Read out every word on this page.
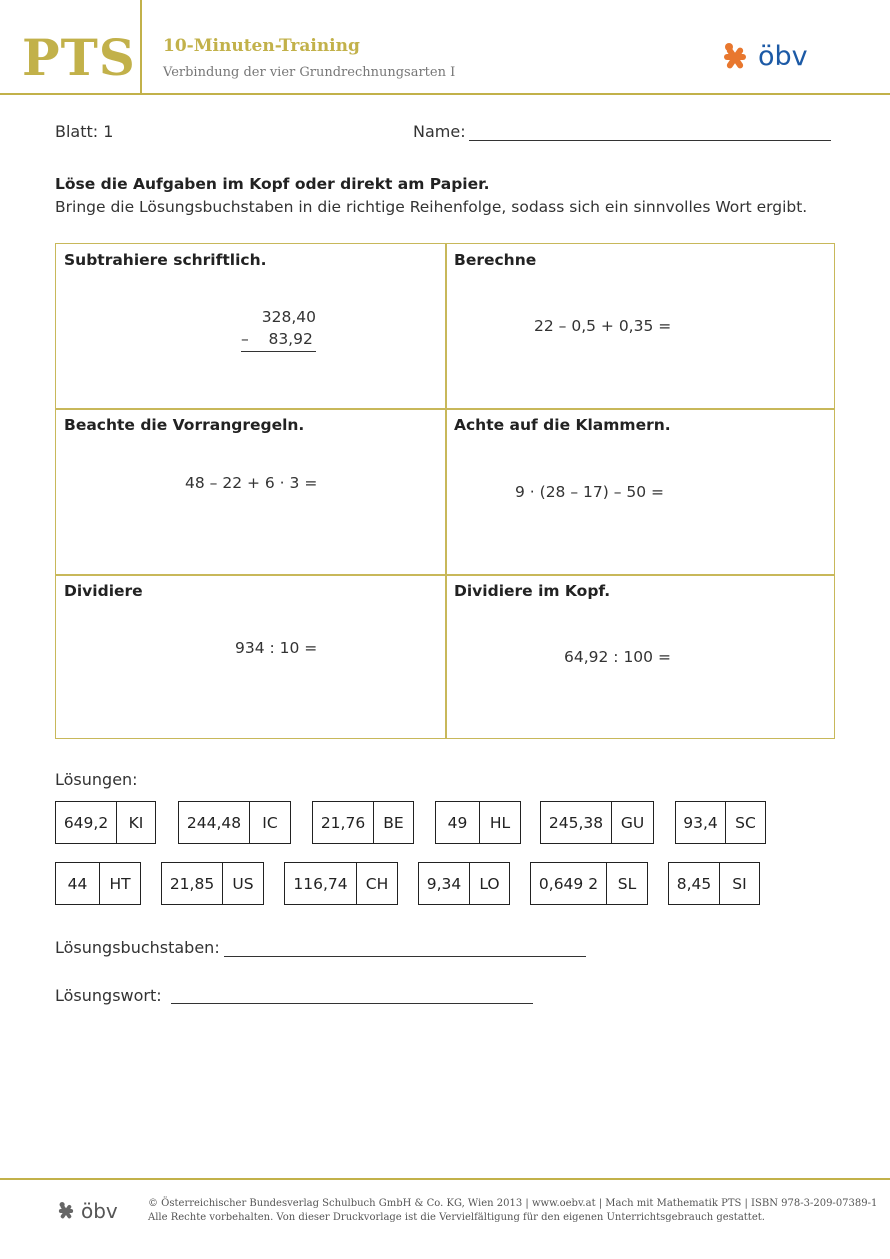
PTS 10-Minuten-Training
Verbindung der vier Grundrechnungsarten I
öbv
Blatt: 1	Name:
Löse die Aufgaben im Kopf oder direkt am Papier.
Bringe die Lösungsbuchstaben in die richtige Reihenfolge, sodass sich ein sinnvolles Wort ergibt.
Subtrahiere schriftlich.
328,40
–    83,92
Berechne
22 – 0,5 + 0,35 =
Beachte die Vorrangregeln.
48 – 22 + 6 · 3 =
Achte auf die Klammern.
9 · (28 – 17) – 50 =
Dividiere
934 : 10 =
Dividiere im Kopf.
64,92 : 100 =
Lösungen:
649,2	KI	244,48	IC	21,76	BE	49	HL	245,38	GU	93,4	SC
44	HT	21,85	US	116,74	CH	9,34	LO	0,649 2	SL	8,45	SI
Lösungsbuchstaben:
Lösungswort:
öbv	© Österreichischer Bundesverlag Schulbuch GmbH & Co. KG, Wien 2013 | www.oebv.at | Mach mit Mathematik PTS | ISBN 978-3-209-07389-1
Alle Rechte vorbehalten. Von dieser Druckvorlage ist die Vervielfältigung für den eigenen Unterrichtsgebrauch gestattet.
